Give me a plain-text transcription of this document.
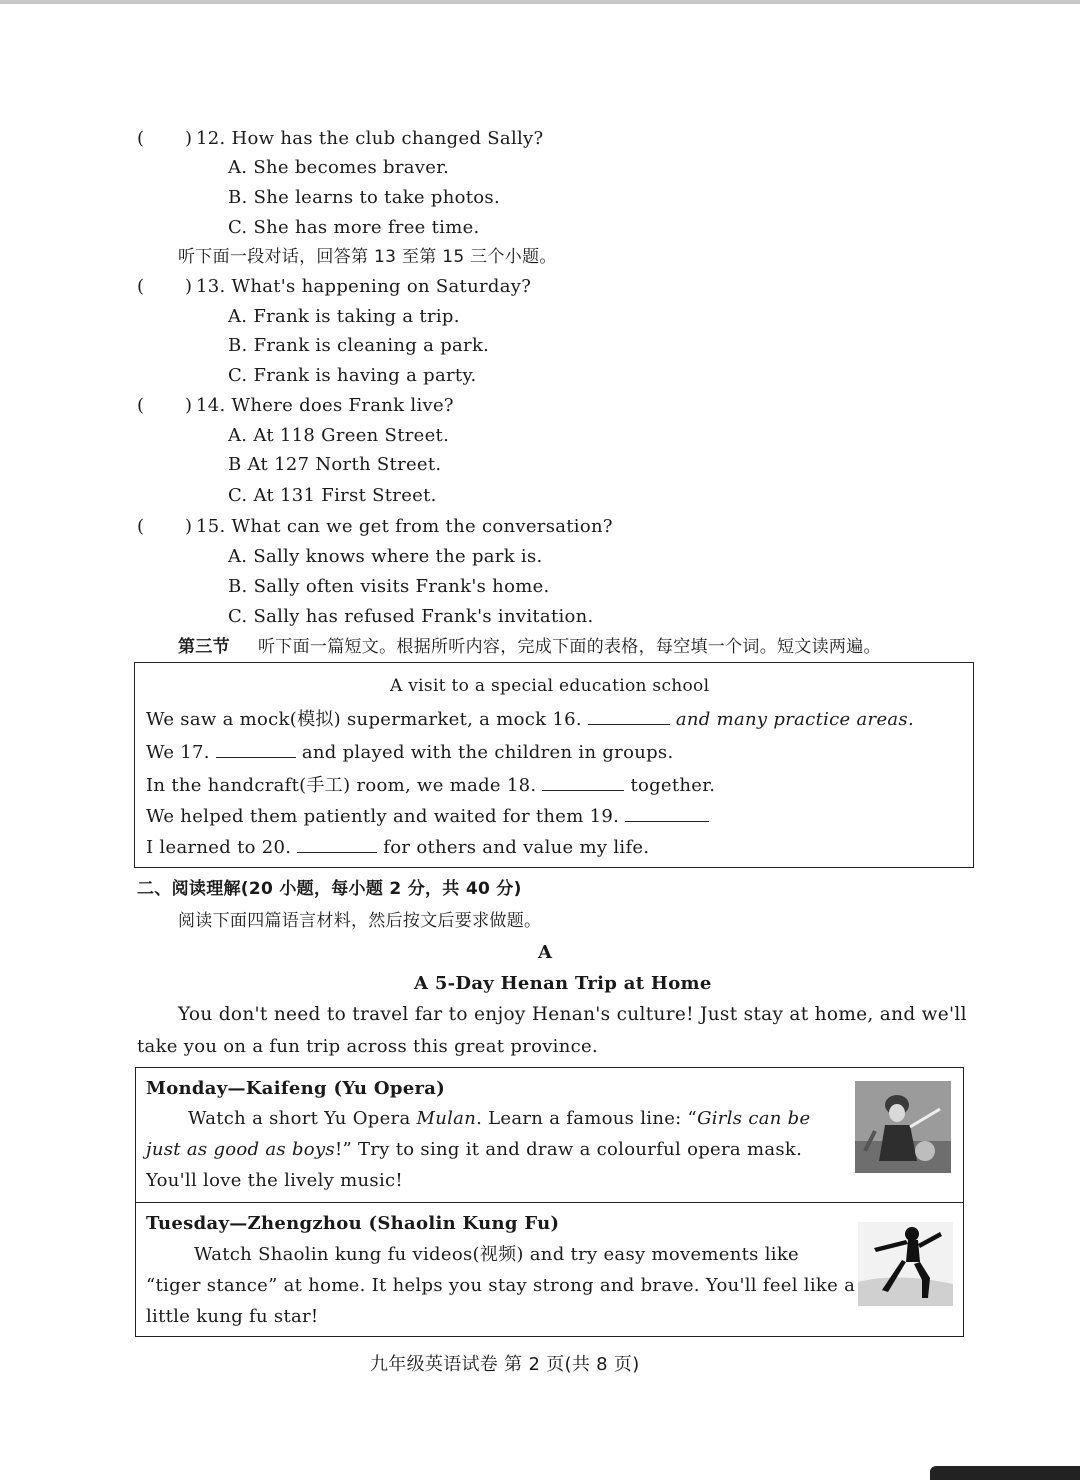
( ) 12. How has the club changed Sally?
A. She becomes braver.
B. She learns to take photos.
C. She has more free time.
听下面一段对话，回答第 13 至第 15 三个小题。
( ) 13. What's happening on Saturday?
A. Frank is taking a trip.
B. Frank is cleaning a park.
C. Frank is having a party.
( ) 14. Where does Frank live?
A. At 118 Green Street.
B At 127 North Street.
C. At 131 First Street.
( ) 15. What can we get from the conversation?
A. Sally knows where the park is.
B. Sally often visits Frank's home.
C. Sally has refused Frank's invitation.
第三节 听下面一篇短文。根据所听内容，完成下面的表格，每空填一个词。短文读两遍。
A visit to a special education school
We saw a mock(模拟) supermarket, a mock 16.	and many practice areas.
We 17.	and played with the children in groups.
In the handcraft(手工) room, we made 18.	together.
We helped them patiently and waited for them 19.
I learned to 20.	for others and value my life.
二、阅读理解(20 小题，每小题 2 分，共 40 分)
阅读下面四篇语言材料，然后按文后要求做题。
A
A 5-Day Henan Trip at Home
You don't need to travel far to enjoy Henan's culture! Just stay at home, and we'll
take you on a fun trip across this great province.
Monday—Kaifeng (Yu Opera)
Watch a short Yu Opera Mulan. Learn a famous line: “Girls can be
just as good as boys!” Try to sing it and draw a colourful opera mask.
You'll love the lively music!
Tuesday—Zhengzhou (Shaolin Kung Fu)
Watch Shaolin kung fu videos(视频) and try easy movements like
“tiger stance” at home. It helps you stay strong and brave. You'll feel like a
little kung fu star!
九年级英语试卷 第 2 页(共 8 页)
